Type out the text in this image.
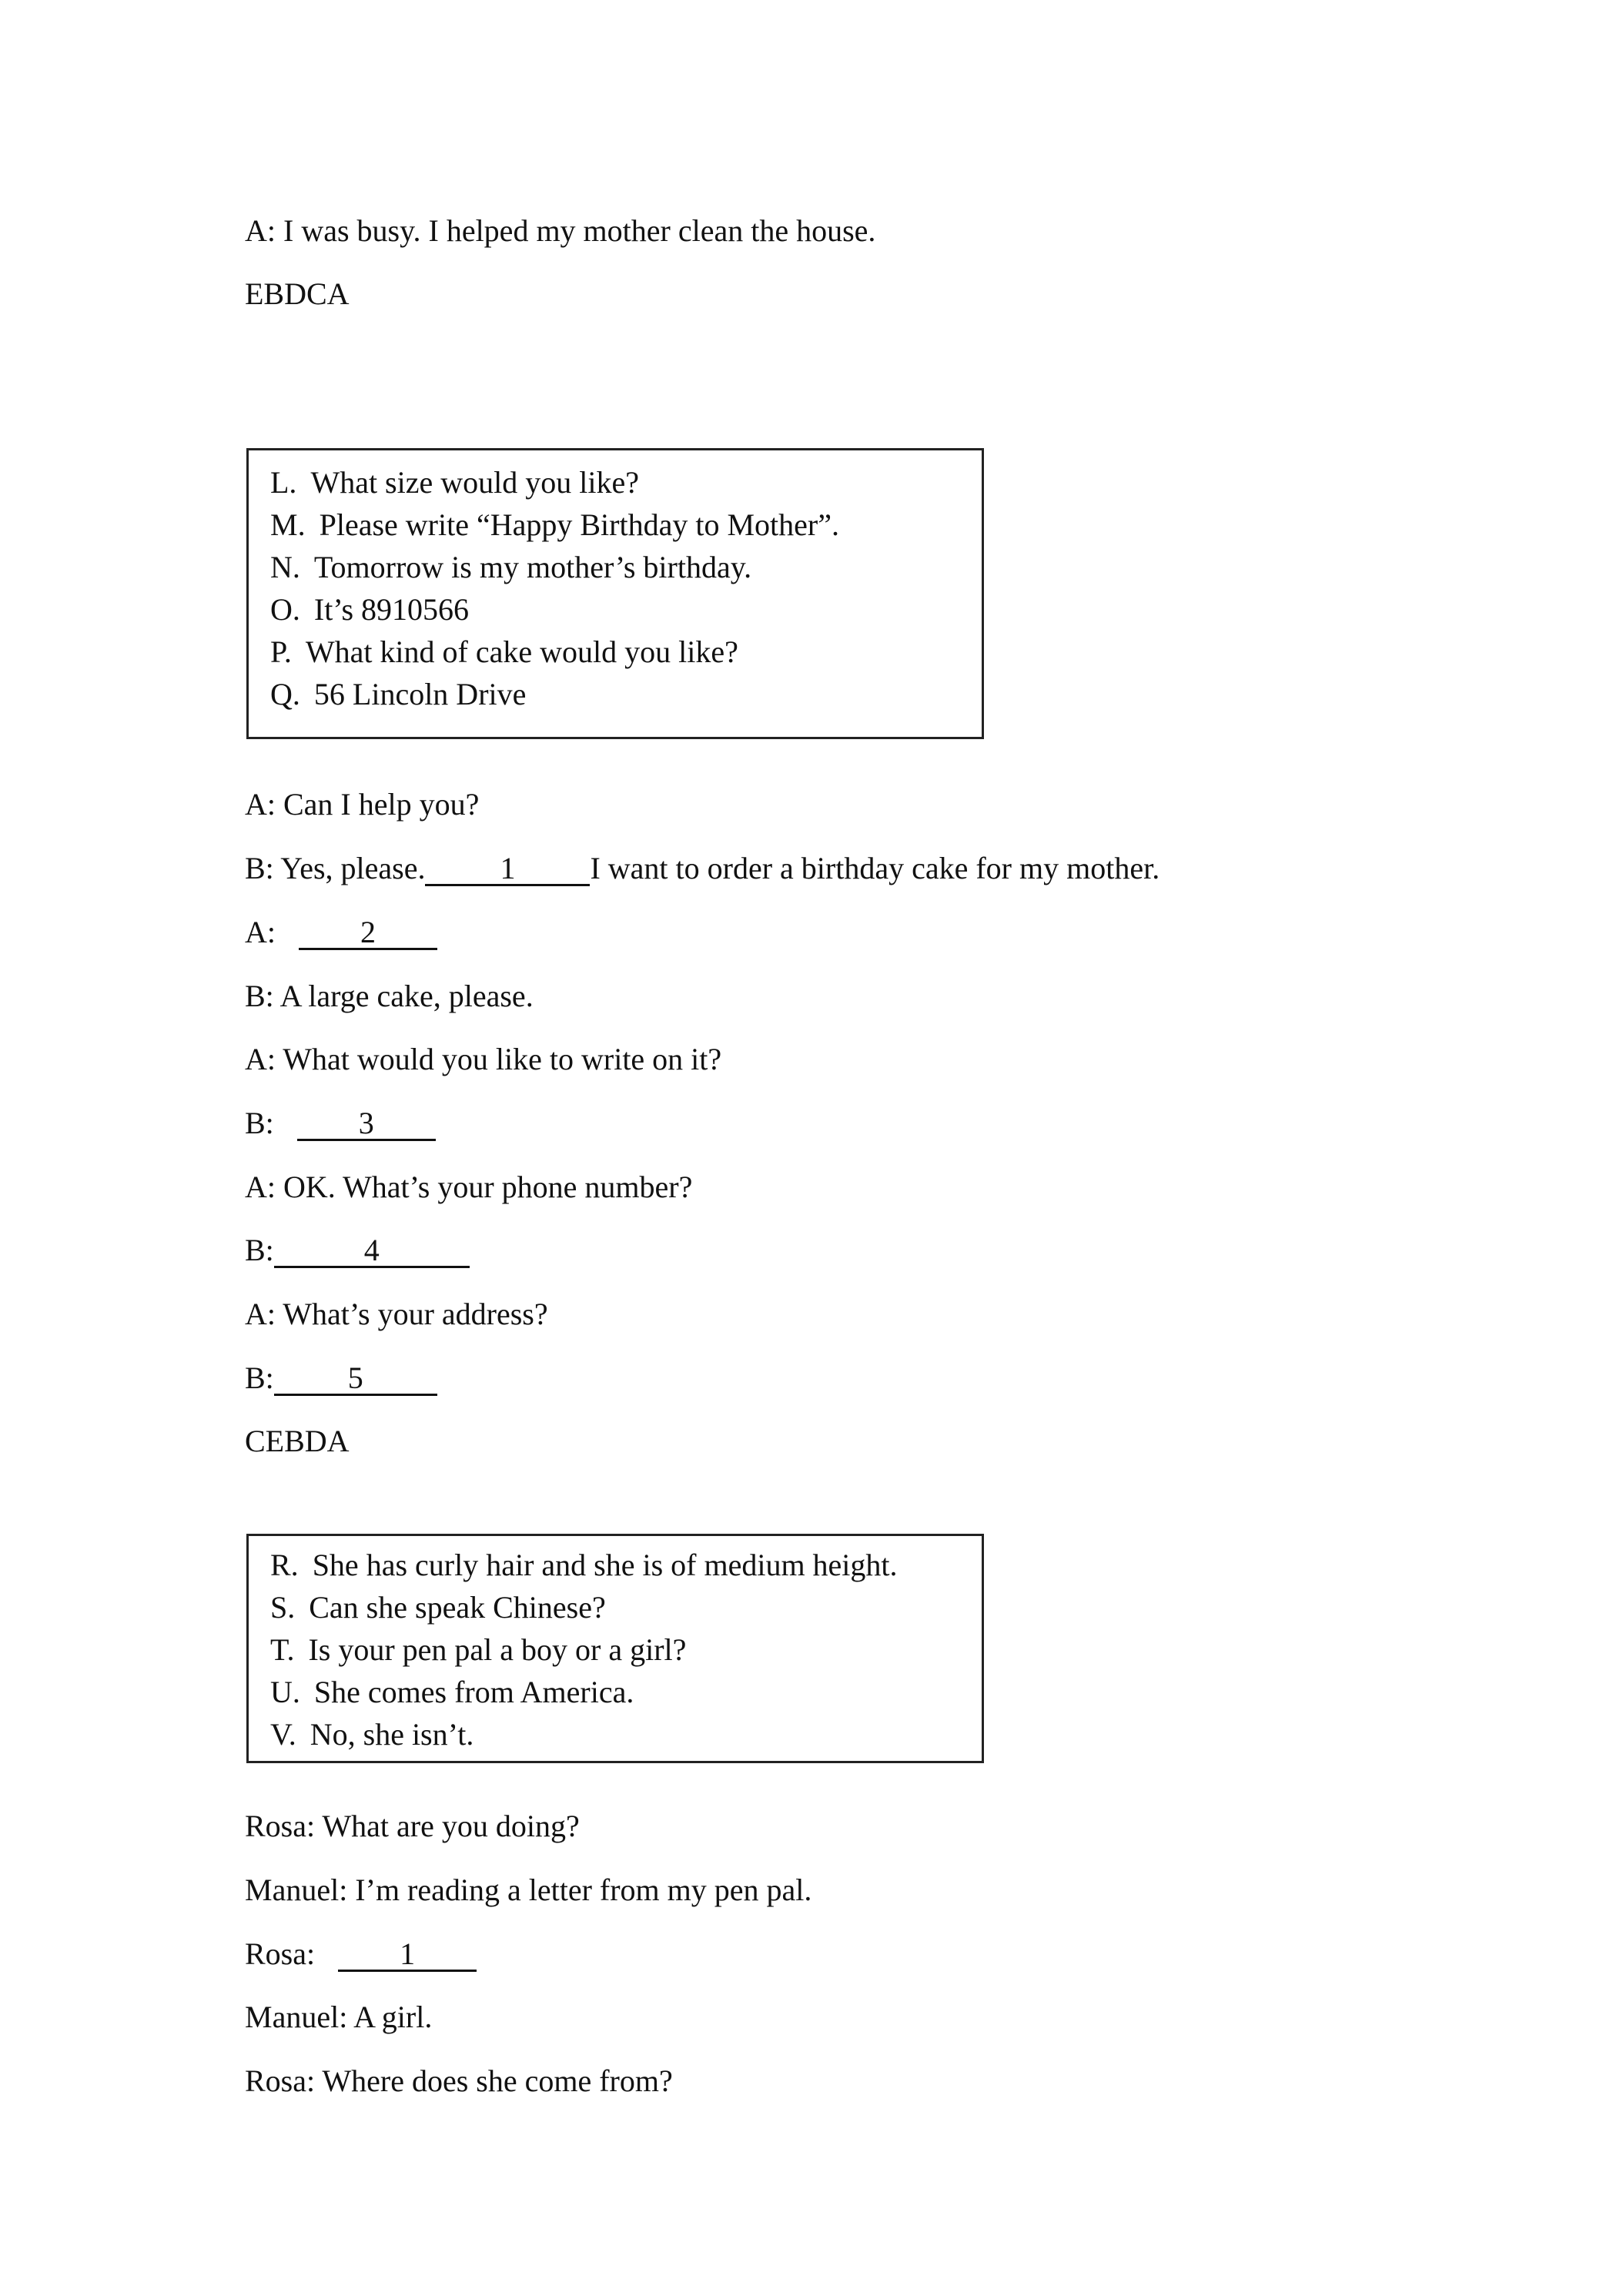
A: I was busy. I helped my mother clean the house.
EBDCA
L. What size would you like?
M. Please write “Happy Birthday to Mother”.
N. Tomorrow is my mother’s birthday.
O. It’s 8910566
P. What kind of cake would you like?
Q. 56 Lincoln Drive
A: Can I help you?
B: Yes, please. 1 I want to order a birthday cake for my mother.
A:	2
B: A large cake, please.
A: What would you like to write on it?
B:	3
A: OK. What’s your phone number?
B:	4
A: What’s your address?
B: 5
CEBDA
R. She has curly hair and she is of medium height.
S. Can she speak Chinese?
T. Is your pen pal a boy or a girl?
U. She comes from America.
V. No, she isn’t.
Rosa: What are you doing?
Manuel: I’m reading a letter from my pen pal.
Rosa:	1
Manuel: A girl.
Rosa: Where does she come from?
